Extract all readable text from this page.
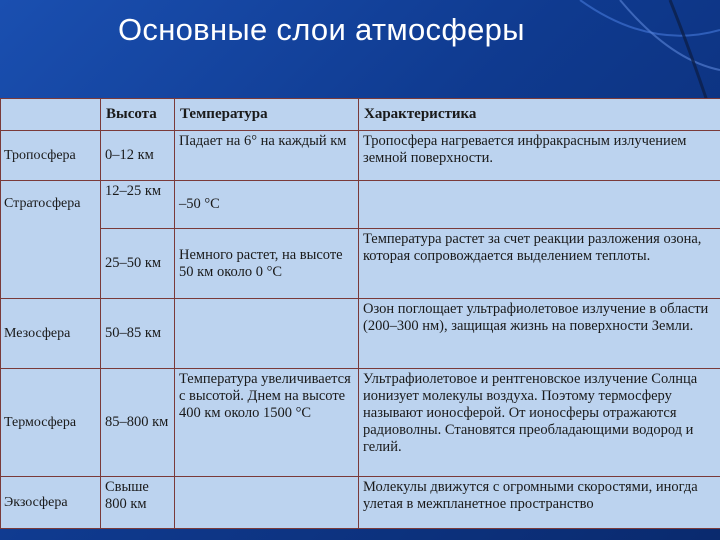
Основные слои атмосферы
	Высота	Температура	Характеристика
Тропосфера	0–12 км	Падает на 6° на каждый км	Тропосфера нагревается инфракрасным излучением земной поверхности.
Стратосфера	12–25 км	–50 °С	
	25–50 км	Немного растет, на высоте 50 км около 0 °С	Температура растет за счет реакции разложения озона, которая сопровождается выделением теплоты.
Мезосфера	50–85 км		Озон поглощает ультрафиолетовое излучение в области (200–300 нм), защищая жизнь на поверхности Земли.
Термосфера	85–800 км	Температура увеличивается с высотой. Днем на высоте 400 км около 1500 °С	Ультрафиолетовое и рентгеновское излучение Солнца ионизует молекулы воздуха. Поэтому термосферу называют ионосферой. От ионосферы отражаются радиоволны. Становятся преобладающими водород и гелий.
Экзосфера	Свыше 800 км		Молекулы движутся с огромными скоростями, иногда улетая в межпланетное пространство
